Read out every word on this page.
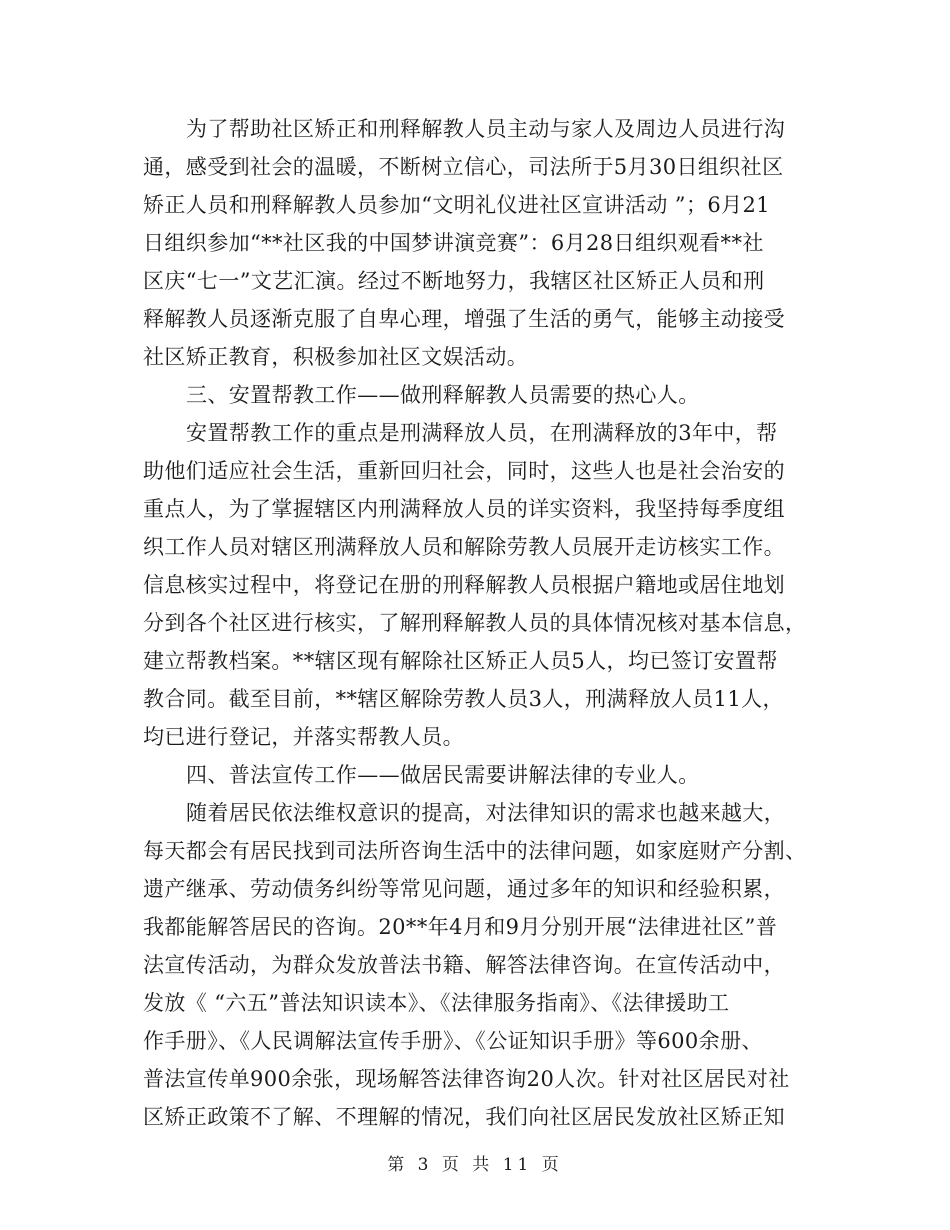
为了帮助社区矫正和刑释解教人员主动与家人及周边人员进行沟
通，感受到社会的温暖，不断树立信心，司法所于5月30日组织社区
矫正人员和刑释解教人员参加“文明礼仪进社区宣讲活动 ”；6月21
日组织参加“**社区我的中国梦讲演竞赛”：6月28日组织观看**社
区庆“七一”文艺汇演。经过不断地努力，我辖区社区矫正人员和刑
释解教人员逐渐克服了自卑心理，增强了生活的勇气，能够主动接受
社区矫正教育，积极参加社区文娱活动。
三、安置帮教工作——做刑释解教人员需要的热心人。
安置帮教工作的重点是刑满释放人员，在刑满释放的3年中，帮
助他们适应社会生活，重新回归社会，同时，这些人也是社会治安的
重点人，为了掌握辖区内刑满释放人员的详实资料，我坚持每季度组
织工作人员对辖区刑满释放人员和解除劳教人员展开走访核实工作。
信息核实过程中，将登记在册的刑释解教人员根据户籍地或居住地划
分到各个社区进行核实，了解刑释解教人员的具体情况核对基本信息，
建立帮教档案。**辖区现有解除社区矫正人员5人，均已签订安置帮
教合同。截至目前，**辖区解除劳教人员3人，刑满释放人员11人，
均已进行登记，并落实帮教人员。
四、普法宣传工作——做居民需要讲解法律的专业人。
随着居民依法维权意识的提高，对法律知识的需求也越来越大，
每天都会有居民找到司法所咨询生活中的法律问题，如家庭财产分割、
遗产继承、劳动债务纠纷等常见问题，通过多年的知识和经验积累，
我都能解答居民的咨询。20**年4月和9月分别开展“法律进社区”普
法宣传活动，为群众发放普法书籍、解答法律咨询。在宣传活动中，
发放《 “六五”普法知识读本》、《法律服务指南》、《法律援助工
作手册》、《人民调解法宣传手册》、《公证知识手册》等600余册、
普法宣传单900余张，现场解答法律咨询20人次。针对社区居民对社
区矫正政策不了解、不理解的情况，我们向社区居民发放社区矫正知
第 3 页 共 11 页
